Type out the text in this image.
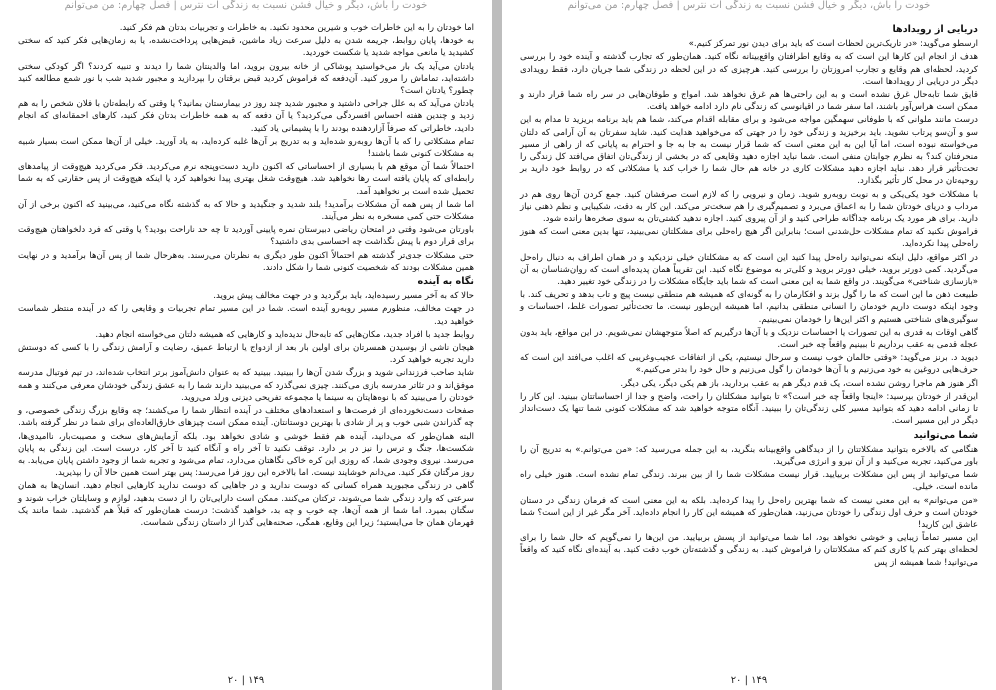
خودت را باش، دیگر و خیال فشن نسبت به زندگی ات نترس | فصل چهارم: من می‌توانم

اما خودتان را به این خاطرات خوب و شیرین محدود نکنید. به خاطرات و تجربیات بدتان هم فکر کنید.

به خودها، پایان روابط، جریمه شدن به دلیل سرعت زیاد ماشین، قبض‌هایی پرداخت‌نشده، یا به زمان‌هایی فکر کنید که سختی کشیدید یا مانعی مواجه شدید یا شکست خوردید.

یادتان می‌آید یک بار می‌خواستید پوشاکی از خانه بیرون بروید، اما والدینتان شما را دیدند و تنبیه کردند؟ اگر کودکی سختی داشته‌اید، تماماش را مرور کنید. آن‌دفعه که فراموش کردید قبض برقتان را بپردازید و مجبور شدید شب با نور شمع مطالعه کنید چطور؟ یادتان است؟

یادتان می‌آید که به علل جراحی داشتید و مجبور شدید چند روز در بیمارستان بمانید؟ یا وقتی که رابطه‌تان با فلان شخص را به هم زدید و چندین هفته احساس افسردگی می‌کردید؟ یا آن دفعه که به همه خاطرات بدتان فکر کنید، کارهای احمقانه‌ای که انجام دادید، خاطراتی که صرفاً آزاردهنده بودند را با پشیمانی یاد کنید.

تمام مشکلاتی را که با آن‌ها روبه‌رو شده‌اید و به تدریج بر آن‌ها غلبه کرده‌اید، به یاد آورید. خیلی از آن‌ها ممکن است بسیار شبیه به مشکلات کنونی شما باشند!

احتمالاً شما آن موقع هم با بسیاری از احساساتی که اکنون دارید دست‌وپنجه نرم می‌کردید. فکر می‌کردید هیچ‌وقت از پیامدهای رابطه‌ای که پایان یافته است رها نخواهید شد. هیچ‌وقت شغل بهتری پیدا نخواهید کرد یا اینکه هیچ‌وقت از پس حقارتی که به شما تحمیل شده است بر نخواهید آمد.

اما شما از پس همه آن مشکلات برآمدید! بلند شدید و جنگیدید و حالا که به گذشته نگاه می‌کنید، می‌بینید که اکنون برخی از آن مشکلات حتی کمی مسخره به نظر می‌آیند.

باورتان می‌شود وقتی در امتحان ریاضی دبیرستان نمره پایینی آوردید تا چه حد ناراحت بودید؟ یا وقتی که فرد دلخواهتان هیچ‌وقت برای قرار دوم با پیش نگذاشت چه احساسی بدی داشتید؟

حتی مشکلات جدی‌تر گذشته هم احتمالاً اکنون طور دیگری به نظرتان می‌رسند. به‌هرحال شما از پس آن‌ها برآمدید و در نهایت همین مشکلات بودند که شخصیت کنونی شما را شکل دادند.

نگاه به آینده

حالا که به آخر مسیر رسیده‌اید، باید برگردید و در جهت مخالف پیش بروید.

در جهت مخالف، منظورم مسیر روبه‌رو آینده است. شما در این مسیر تمام تجربیات و وقایعی را که در آینده منتظر شماست خواهید دید.

روابط جدید با افراد جدید، مکان‌هایی که تابه‌حال ندیده‌اید و کارهایی که همیشه دلتان می‌خواسته انجام دهید.

هیجان ناشی از بوسیدن همسرتان برای اولین بار بعد از ازدواج یا ارتباط عمیق، رضایت و آرامش زندگی را با کسی که دوستش دارید تجربه خواهید کرد.

شاید صاحب فرزندانی شوید و بزرگ شدن آن‌ها را ببینید. ببینید که به عنوان دانش‌آموز برتر انتخاب شده‌اند، در تیم فوتبال مدرسه موفق‌اند و در تئاتر مدرسه بازی می‌کنند. چیزی نمی‌گذرد که می‌بینید دارند شما را به عشق زندگی خودشان معرفی می‌کنند و همه خودتان را می‌بینید که با نوه‌هایتان به سینما یا مجموعه تفریحی دیزنی ورلد می‌روید.

صفحات دست‌نخورده‌ای از فرصت‌ها و استعدادهای مختلف در آینده انتظار شما را می‌کشند؛ چه وقایع بزرگ زندگی خصوصی، و چه گذراندن شبی خوب و پر از شادی با بهترین دوستانتان. آینده ممکن است چیزهای خارق‌العاده‌ای برای شما در نظر گرفته باشد.

البته همان‌طور که می‌دانید، آینده هم فقط خوشی و شادی نخواهد بود. بلکه آزمایش‌های سخت و مصیبت‌بار، ناامیدی‌ها، شکست‌ها، جنگ و ترس را نیز در بر دارد. توقف نکنید تا آخر راه و آنگاه کنید تا آخر کار، درست است. این زندگی به پایان می‌رسد. نیروی وجودی شما، که روزی این کره خاکی نگاهتان می‌دارد، تمام می‌شود و تجربه شما از وجود داشتن پایان می‌یابد. به روز مرگتان فکر کنید. می‌دانم خوشایند نیست. اما بالاخره این روز فرا می‌رسد: پس بهتر است همین حالا آن را بپذیرید.

گاهی در زندگی مجبورید همراه کسانی که دوست ندارید و در جاهایی که دوست ندارید کارهایی انجام دهید. انسان‌ها به همان سرعتی که وارد زندگی شما می‌شوند، ترکتان می‌کنند. ممکن است دارایی‌تان را از دست بدهید، لوازم و وسایلتان خراب شوند و سگتان بمیرد. اما شما از همه آن‌ها، چه خوب و چه بد، خواهید گذشت: درست همان‌طور که قبلاً هم گذشتید. شما مانند یک قهرمان همان جا می‌ایستید؛ زیرا این وقایع، همگی، صحنه‌هایی گذرا از داستان زندگی شماست.

۱۴۹ | ۲۰
خودت را باش، دیگر و خیال فشن نسبت به زندگی ات نترس | فصل چهارم: من می‌توانم
دریایی از رویدادها

ارسطو می‌گوید: «در تاریک‌ترین لحظات است که باید برای دیدن نور تمرکز کنیم.»

هدف از انجام این کارها این است که به وقایع اطرافتان واقع‌بینانه نگاه کنید. همان‌طور که تجارب گذشته و آینده خود را بررسی کردید، لحظه‌ای هم وقایع و تجارب امروزتان را بررسی کنید. هرچیزی که در این لحظه در زندگی شما جریان دارد، فقط رویدادی دیگر در دریایی از رویدادها است.

قایق شما تابه‌حال غرق نشده است و به این راحتی‌ها هم غرق نخواهد شد. امواج و طوفان‌هایی در سر راه شما قرار دارند و ممکن است هراس‌آور باشند، اما سفر شما در اقیانوسی که زندگی نام دارد ادامه خواهد یافت.

درست مانند ملوانی که با طوفانی سهمگین مواجه می‌شود و برای مقابله اقدام می‌کند، شما هم باید برنامه بریزید تا مدام به این سو و آن‌سو پرتاب نشوید. باید برخیزید و زندگی خود را در جهتی که می‌خواهید هدایت کنید. شاید سفرتان به آن آرامی که دلتان می‌خواسته نبوده است، اما آیا این به این معنی است که شما قرار نیست به جا به جا و احترام به پایانی که از راهی از مسیر منحرفتان کند؟ به نظرم جوابتان منفی است. شما نباید اجازه دهید وقایعی که در بخشی از زندگی‌تان اتفاق می‌افتد کل زندگی را تحت‌تأثیر قرار دهد. نباید اجازه دهید مشکلات کاری در خانه هم حال شما را خراب کند یا مشکلاتی که در روابط خود دارید بر روحیه‌تان در محل کار تأثیر بگذارد.

با مشکلات خود یکی‌یکی و به نوبت روبه‌رو شوید. زمان و نیرویی را که لازم است صرفشان کنید. جمع کردن آن‌ها روی هم در مرداب و دریای خودتان شما را به اعماق می‌برد و تصمیم‌گیری را هم سخت‌تر می‌کند. این کار به دقت، شکیبایی و نظم ذهنی نیاز دارید. برای هر مورد یک برنامه جداگانه طراحی کنید و از آن پیروی کنید. اجازه ندهید کشتی‌تان به سوی صخره‌ها رانده شود.

فراموش نکنید که تمام مشکلات حل‌شدنی است؛ بنابراین اگر هیچ راه‌حلی برای مشکلتان نمی‌بینید، تنها بدین معنی است که هنوز راه‌حلی پیدا نکرده‌اید.

در اکثر مواقع، دلیل اینکه نمی‌توانید راه‌حل پیدا کنید این است که به مشکلتان خیلی نزدیکید و در همان اطراف به دنبال راه‌حل می‌گردید. کمی دورتر بروید، خیلی دورتر بروید و کلی‌تر به موضوع نگاه کنید. این تقریباً همان پدیده‌ای است که روان‌شناسان به آن «بازسازی شناختی» می‌گویند. در واقع شما به این معنی است که شما باید جایگاه مشکلات را در زندگی خود تغییر دهید.

طبیعت ذهن ما این است که ما را گول بزند و افکارمان را به گونه‌ای که همیشه هم منطقی نیست پیچ و تاب بدهد و تحریف کند. با وجود اینکه دوست داریم خودمان را انسانی منطقی بدانیم، اما همیشه این‌طور نیست. ما تحت‌تأثیر تصورات غلط، احساسات و سوگیری‌های شناختی هستیم و اکثر این‌ها را خودمان نمی‌بینیم.

گاهی اوقات به قدری به این تصورات یا احساسات نزدیک و با آن‌ها درگیریم که اصلاً متوجهشان نمی‌شویم. در این مواقع، باید بدون عجله قدمی به عقب برداریم تا ببینیم واقعاً چه خبر است.

دیوید د. برنز می‌گوید: «وقتی حالمان خوب نیست و سرحال نیستیم، یکی از اتفاقات عجیب‌وغریبی که اغلب می‌افتد این است که حرف‌هایی دروغین به خود می‌زنیم و با آن‌ها خودمان را گول می‌زنیم و حال خود را بدتر می‌کنیم.»

اگر هنوز هم ماجرا روشن نشده است، یک قدم دیگر هم به عقب بردارید، باز هم یکی دیگر، یکی دیگر.

این‌قدر از خودتان بپرسید: «اینجا واقعاً چه خبر است؟» تا بتوانید مشکلتان را راحت، واضح و جدا از احساساتتان ببینید. این کار را تا زمانی ادامه دهید که بتوانید مسیر کلی زندگی‌تان را ببینید. آنگاه متوجه خواهید شد که مشکلات کنونی شما تنها یک دست‌انداز دیگر در این مسیر است.

شما می‌توانید

هنگامی که بالاخره بتوانید مشکلاتتان را از دیدگاهی واقع‌بینانه بنگرید، به این جمله می‌رسید که: «من می‌توانم.» به تدریج آن را باور می‌کنید، تجربه می‌کنید و از آن نیرو و انرژی می‌گیرید.

شما می‌توانید از پس این مشکلات بربیایید. قرار نیست مشکلات شما را از بین ببرند. زندگی تمام نشده است. هنوز خیلی راه مانده است، خیلی.

«من می‌توانم» به این معنی نیست که شما بهترین راه‌حل را پیدا کرده‌اید. بلکه به این معنی است که فرمان زندگی در دستان خودتان است و حرف اول زندگی را خودتان می‌زنید، همان‌طور که همیشه این کار را انجام داده‌اید. آخر مگر غیر از این است؟ شما عاشق این کارید!

این مسیر تماماً زیبایی و خوشی نخواهد بود، اما شما می‌توانید از پسش بربیایید. من این‌ها را نمی‌گویم که حال شما را برای لحظه‌ای بهتر کنم یا کاری کنم که مشکلاتتان را فراموش کنید. به زندگی و گذشته‌تان خوب دقت کنید. به آینده‌ای نگاه کنید که واقعاً می‌توانید! شما همیشه از پس

۱۴۹ | ۲۰
